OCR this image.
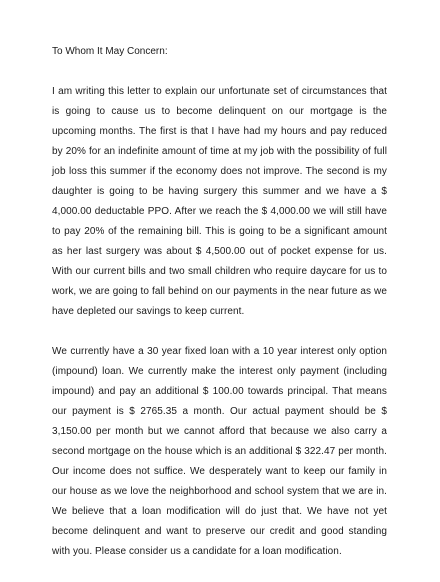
To Whom It May Concern:

I am writing this letter to explain our unfortunate set of circumstances that is going to cause us to become delinquent on our mortgage is the upcoming months. The first is that I have had my hours and pay reduced by 20% for an indefinite amount of time at my job with the possibility of full job loss this summer if the economy does not improve. The second is my daughter is going to be having surgery this summer and we have a $ 4,000.00 deductable PPO. After we reach the $ 4,000.00 we will still have to pay 20% of the remaining bill. This is going to be a significant amount as her last surgery was about $ 4,500.00 out of pocket expense for us. With our current bills and two small children who require daycare for us to work, we are going to fall behind on our payments in the near future as we have depleted our savings to keep current.

We currently have a 30 year fixed loan with a 10 year interest only option (impound) loan. We currently make the interest only payment (including impound) and pay an additional $ 100.00 towards principal. That means our payment is $ 2765.35 a month. Our actual payment should be $ 3,150.00 per month but we cannot afford that because we also carry a second mortgage on the house which is an additional $ 322.47 per month. Our income does not suffice. We desperately want to keep our family in our house as we love the neighborhood and school system that we are in. We believe that a loan modification will do just that. We have not yet become delinquent and want to preserve our credit and good standing with you. Please consider us a candidate for a loan modification.
